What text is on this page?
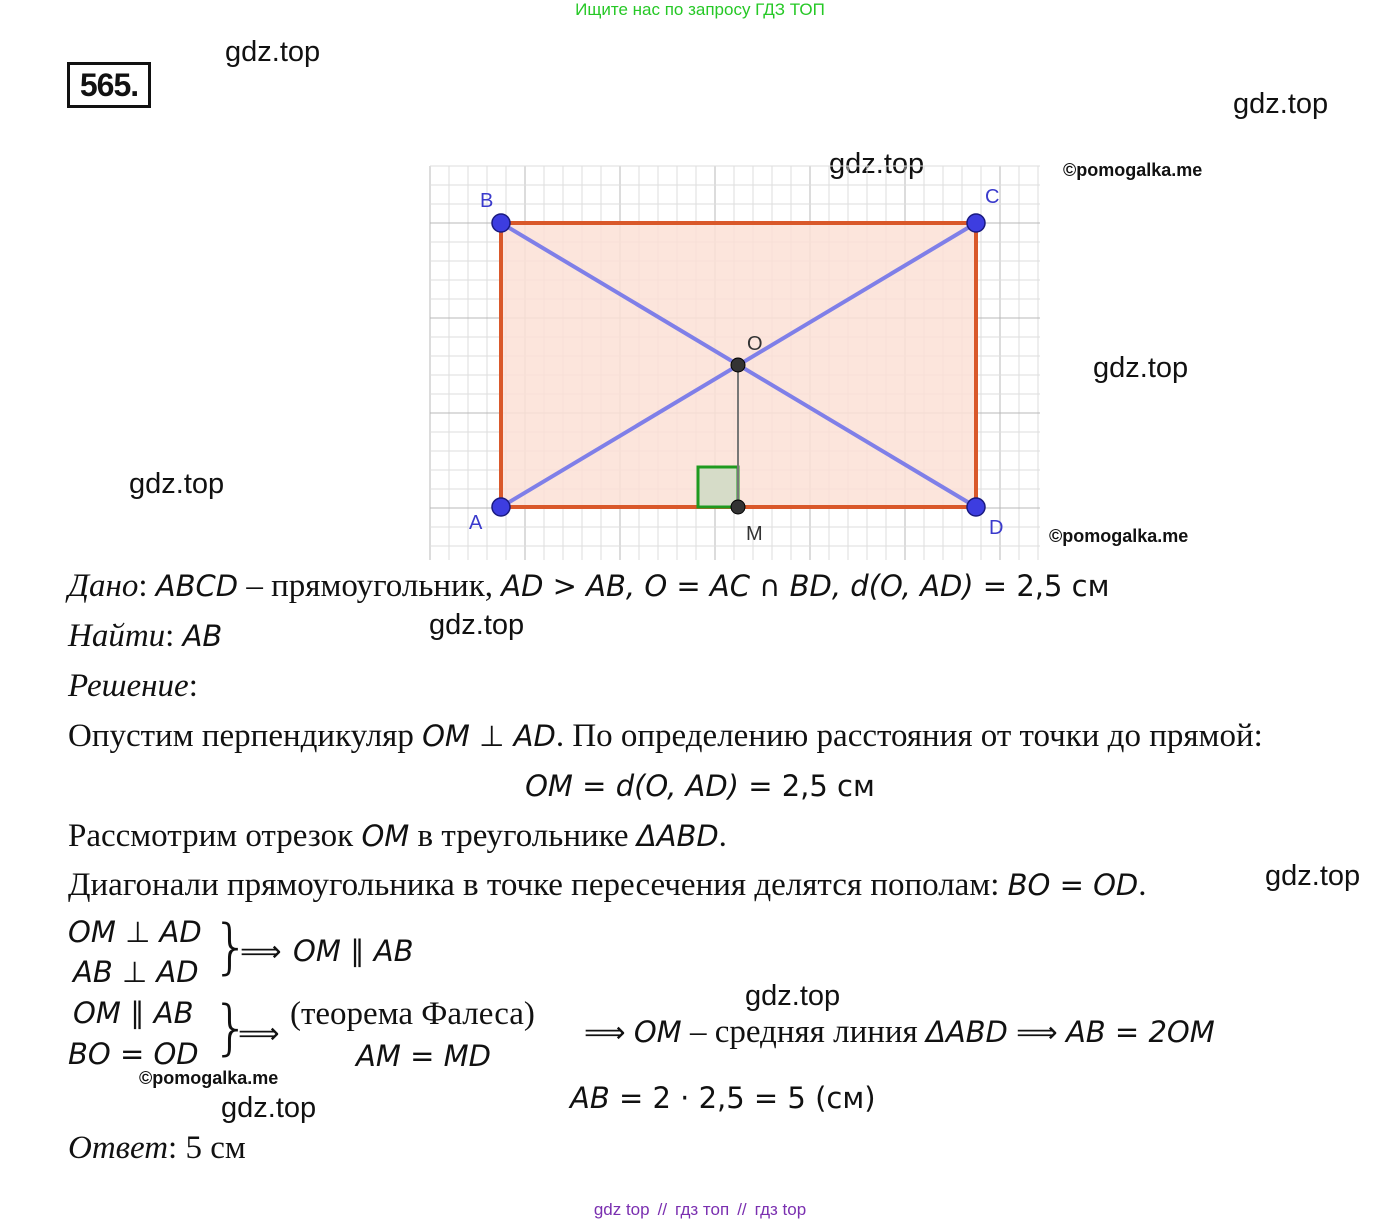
Ищите нас по запросу ГДЗ ТОП
565.
gdz.top
gdz.top
gdz.top
gdz.top
gdz.top
gdz.top
gdz.top
gdz.top
gdz.top
©pomogalka.me
©pomogalka.me
©pomogalka.me
B	C
A	D
O
M
Дано: ABCD – прямоугольник, AD > AB, O = AC ∩ BD, d(O, AD) = 2,5 см
Найти: AB
Решение:
Опустим перпендикуляр OM ⊥ AD. По определению расстояния от точки до прямой:
OM = d(O, AD) = 2,5 см
Рассмотрим отрезок OM в треугольнике ΔABD.
Диагонали прямоугольника в точке пересечения делятся пополам: BO = OD.
OM ⊥ AD
AB ⊥ AD }
⟹ OM ∥ AB
OM ∥ AB
BO = OD }
⟹
(теорема Фалеса)
AM = MD
⟹ OM – средняя линия ΔABD ⟹ AB = 2OM
AB = 2 · 2,5 = 5 (см)
Ответ: 5 см
gdz top // гдз топ // гдз top
